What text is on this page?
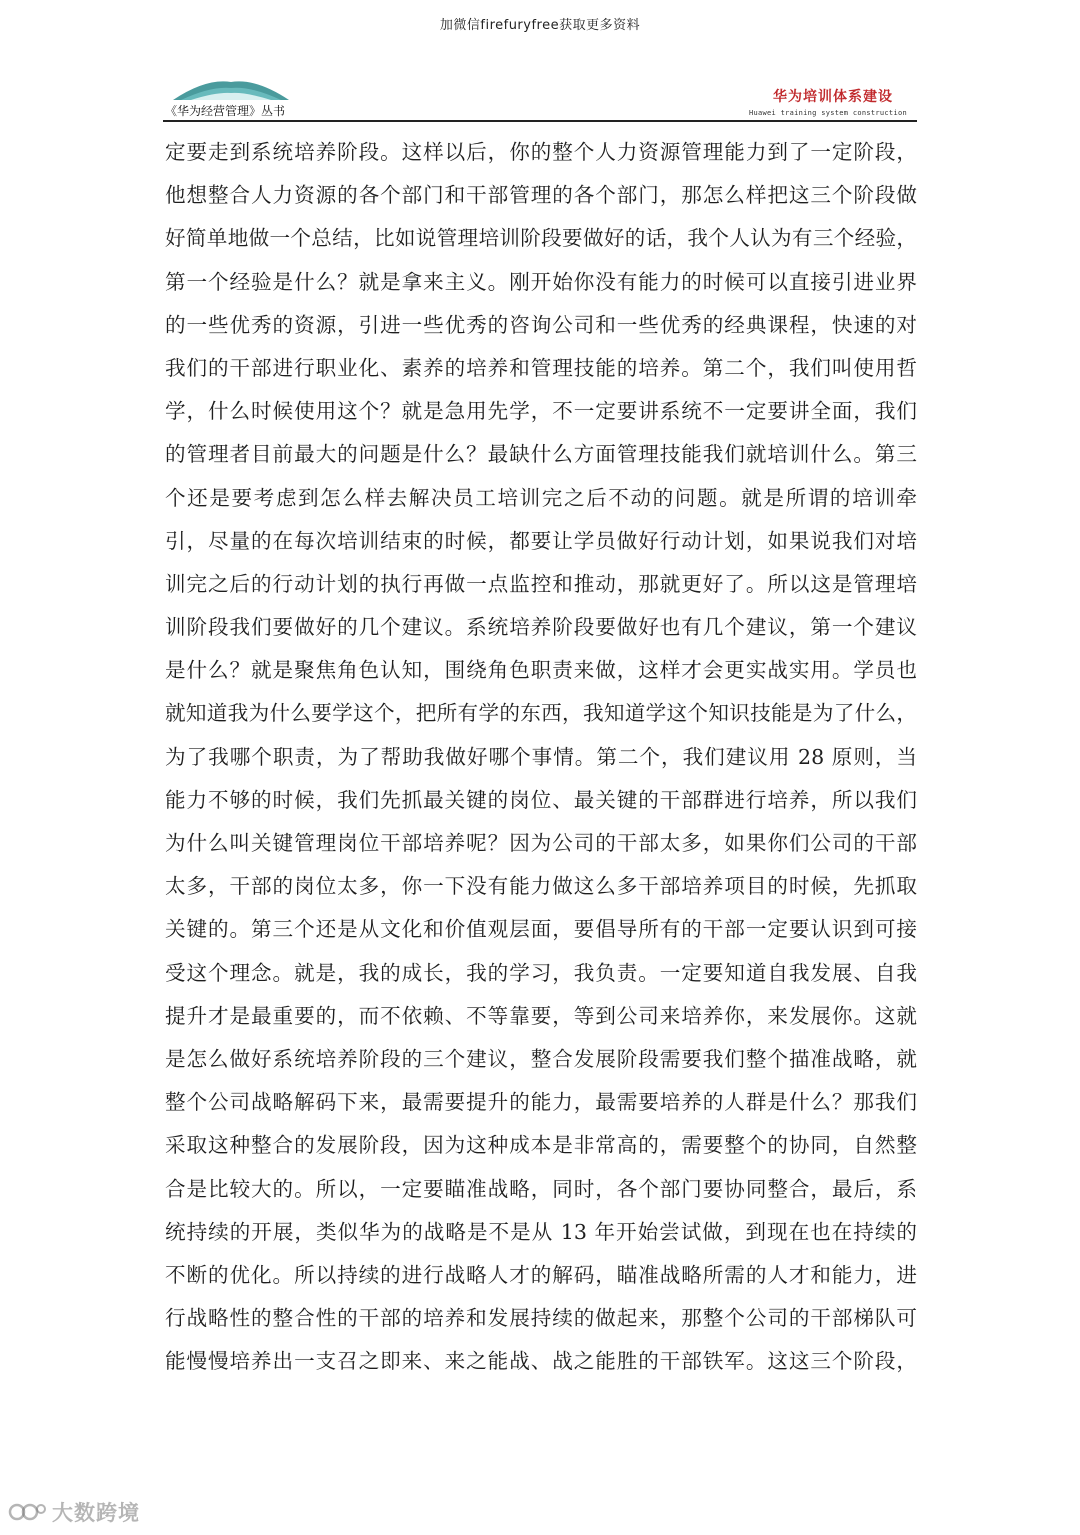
加微信firefuryfree获取更多资料
《华为经营管理》丛书
华为培训体系建设
Huawei training system construction
定要走到系统培养阶段。这样以后，你的整个人力资源管理能力到了一定阶段，
他想整合人力资源的各个部门和干部管理的各个部门，那怎么样把这三个阶段做
好简单地做一个总结，比如说管理培训阶段要做好的话，我个人认为有三个经验，
第一个经验是什么？就是拿来主义。刚开始你没有能力的时候可以直接引进业界
的一些优秀的资源，引进一些优秀的咨询公司和一些优秀的经典课程，快速的对
我们的干部进行职业化、素养的培养和管理技能的培养。第二个，我们叫使用哲
学，什么时候使用这个？就是急用先学，不一定要讲系统不一定要讲全面，我们
的管理者目前最大的问题是什么？最缺什么方面管理技能我们就培训什么。第三
个还是要考虑到怎么样去解决员工培训完之后不动的问题。就是所谓的培训牵
引，尽量的在每次培训结束的时候，都要让学员做好行动计划，如果说我们对培
训完之后的行动计划的执行再做一点监控和推动，那就更好了。所以这是管理培
训阶段我们要做好的几个建议。系统培养阶段要做好也有几个建议，第一个建议
是什么？就是聚焦角色认知，围绕角色职责来做，这样才会更实战实用。学员也
就知道我为什么要学这个，把所有学的东西，我知道学这个知识技能是为了什么，
为了我哪个职责，为了帮助我做好哪个事情。第二个，我们建议用 28 原则，当
能力不够的时候，我们先抓最关键的岗位、最关键的干部群进行培养，所以我们
为什么叫关键管理岗位干部培养呢？因为公司的干部太多，如果你们公司的干部
太多，干部的岗位太多，你一下没有能力做这么多干部培养项目的时候，先抓取
关键的。第三个还是从文化和价值观层面，要倡导所有的干部一定要认识到可接
受这个理念。就是，我的成长，我的学习，我负责。一定要知道自我发展、自我
提升才是最重要的，而不依赖、不等靠要，等到公司来培养你，来发展你。这就
是怎么做好系统培养阶段的三个建议，整合发展阶段需要我们整个描准战略，就
整个公司战略解码下来，最需要提升的能力，最需要培养的人群是什么？那我们
采取这种整合的发展阶段，因为这种成本是非常高的，需要整个的协同，自然整
合是比较大的。所以，一定要瞄准战略，同时，各个部门要协同整合，最后，系
统持续的开展，类似华为的战略是不是从 13 年开始尝试做，到现在也在持续的
不断的优化。所以持续的进行战略人才的解码，瞄准战略所需的人才和能力，进
行战略性的整合性的干部的培养和发展持续的做起来，那整个公司的干部梯队可
能慢慢培养出一支召之即来、来之能战、战之能胜的干部铁军。这这三个阶段，
大数跨境
